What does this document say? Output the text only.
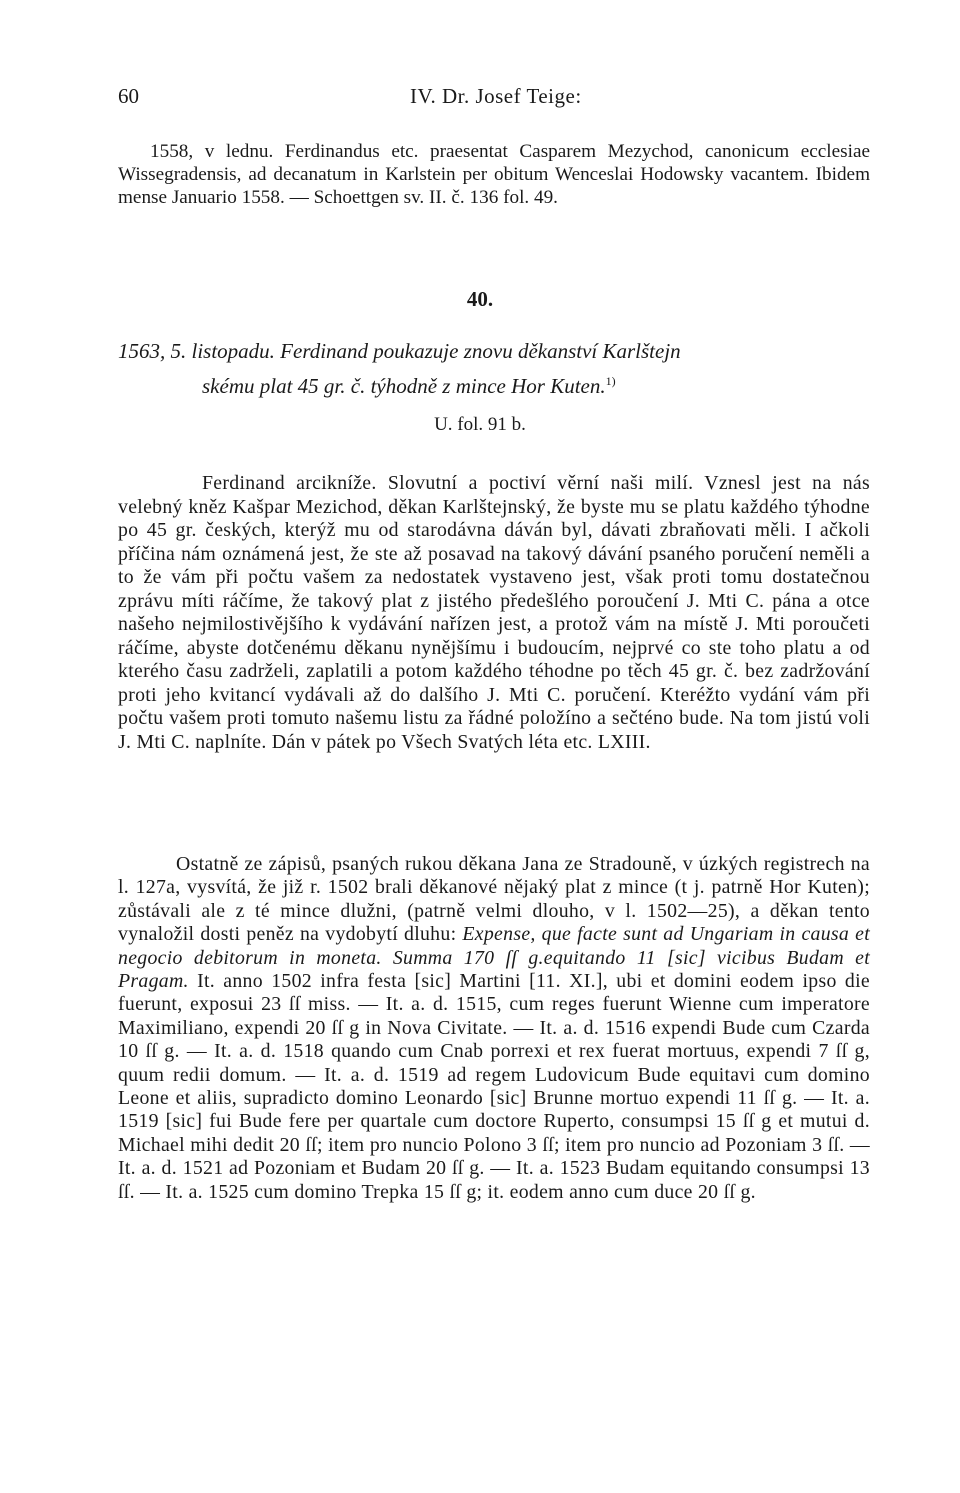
60	IV. Dr. Josef Teige:

1558, v lednu. Ferdinandus etc. praesentat Casparem Mezychod, canonicum ecclesiae Wissegradensis, ad decanatum in Karlstein per obitum Wenceslai Hodowsky vacantem. Ibidem mense Januario 1558. — Schoettgen sv. II. č. 136 fol. 49.

40.

1563, 5. listopadu. Ferdinand poukazuje znovu děkanství Karlštejn
skému plat 45 gr. č. týhodně z mince Hor Kuten.$^{1)}$

U. fol. 91 b.

Ferdinand arcikníže. Slovutní a poctiví věrní naši milí. Vznesl jest na nás velebný kněz Kašpar Mezichod, děkan Karlštejnský, že byste mu se platu každého týhodne po 45 gr. českých, kterýž mu od starodávna dáván byl, dávati zbraňovati měli. I ačkoli příčina nám oznámená jest, že ste až posavad na takový dávání psaného poručení neměli a to že vám při počtu vašem za nedostatek vystaveno jest, však proti tomu dostatečnou zprávu míti ráčíme, že takový plat z jistého předešlého poroučení J. Mti C. pána a otce našeho nejmilostivějšího k vydávání nařízen jest, a protož vám na místě J. Mti poroučeti ráčíme, abyste dotčenému děkanu nynějšímu i budoucím, nejprvé co ste toho platu a od kterého času zadrželi, zaplatili a potom každého téhodne po těch 45 gr. č. bez zadržování proti jeho kvitancí vydávali až do dalšího J. Mti C. poručení. Kteréžto vydání vám při počtu vašem proti tomuto našemu listu za řádné položíno a sečténo bude. Na tom jistú voli J. Mti C. naplníte. Dán v pátek po Všech Svatých léta etc. LXIII.

Ostatně ze zápisů, psaných rukou děkana Jana ze Stradouně, v úzkých registrech na l. 127a, vysvítá, že již r. 1502 brali děkanové nějaký plat z mince (t j. patrně Hor Kuten); zůstávali ale z té mince dlužni, (patrně velmi dlouho, v l. 1502—25), a děkan tento vynaložil dosti peněz na vydobytí dluhu: Expense, que facte sunt ad Ungariam in causa et negocio debitorum in moneta. Summa 170 ſſ g.equitando 11 [sic] vicibus Budam et Pragam. It. anno 1502 infra festa [sic] Martini [11. XI.], ubi et domini eodem ipso die fuerunt, exposui 23 ſſ miss. — It. a. d. 1515, cum reges fuerunt Wienne cum imperatore Maximiliano, expendi 20 ſſ g in Nova Civitate. — It. a. d. 1516 expendi Bude cum Czarda 10 ſſ g. — It. a. d. 1518 quando cum Cnab porrexi et rex fuerat mortuus, expendi 7 ſſ g, quum redii domum. — It. a. d. 1519 ad regem Ludovicum Bude equitavi cum domino Leone et aliis, supradicto domino Leonardo [sic] Brunne mortuo expendi 11 ſſ g. — It. a. 1519 [sic] fui Bude fere per quartale cum doctore Ruperto, consumpsi 15 ſſ g et mutui d. Michael mihi dedit 20 ſſ; item pro nuncio Polono 3 ſſ; item pro nuncio ad Pozoniam 3 ſſ. — It. a. d. 1521 ad Pozoniam et Budam 20 ſſ g. — It. a. 1523 Budam equitando consumpsi 13 ſſ. — It. a. 1525 cum domino Trepka 15 ſſ g; it. eodem anno cum duce 20 ſſ g.
